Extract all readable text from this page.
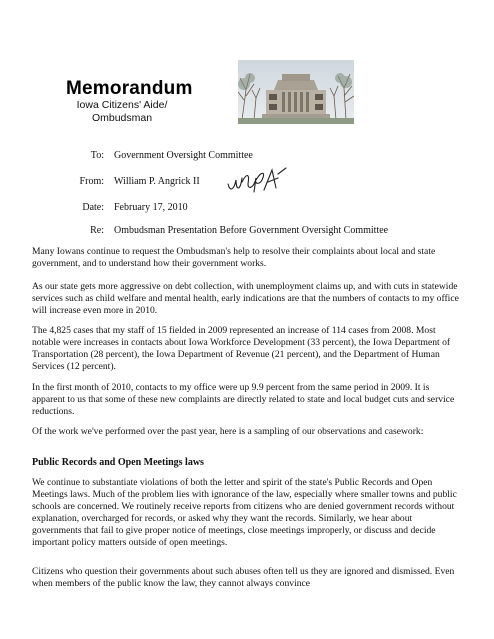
Memorandum
Iowa Citizens' Aide/
Ombudsman
To: Government Oversight Committee
From: William P. Angrick II
Date: February 17, 2010
Re: Ombudsman Presentation Before Government Oversight Committee

Many Iowans continue to request the Ombudsman's help to resolve their complaints about local and state government, and to understand how their government works.

As our state gets more aggressive on debt collection, with unemployment claims up, and with cuts in statewide services such as child welfare and mental health, early indications are that the numbers of contacts to my office will increase even more in 2010.

The 4,825 cases that my staff of 15 fielded in 2009 represented an increase of 114 cases from 2008. Most notable were increases in contacts about Iowa Workforce Development (33 percent), the Iowa Department of Transportation (28 percent), the Iowa Department of Revenue (21 percent), and the Department of Human Services (12 percent).

In the first month of 2010, contacts to my office were up 9.9 percent from the same period in 2009. It is apparent to us that some of these new complaints are directly related to state and local budget cuts and service reductions.

Of the work we've performed over the past year, here is a sampling of our observations and casework:

Public Records and Open Meetings laws

We continue to substantiate violations of both the letter and spirit of the state's Public Records and Open Meetings laws. Much of the problem lies with ignorance of the law, especially where smaller towns and public schools are concerned. We routinely receive reports from citizens who are denied government records without explanation, overcharged for records, or asked why they want the records. Similarly, we hear about governments that fail to give proper notice of meetings, close meetings improperly, or discuss and decide important policy matters outside of open meetings.

Citizens who question their governments about such abuses often tell us they are ignored and dismissed. Even when members of the public know the law, they cannot always convince
